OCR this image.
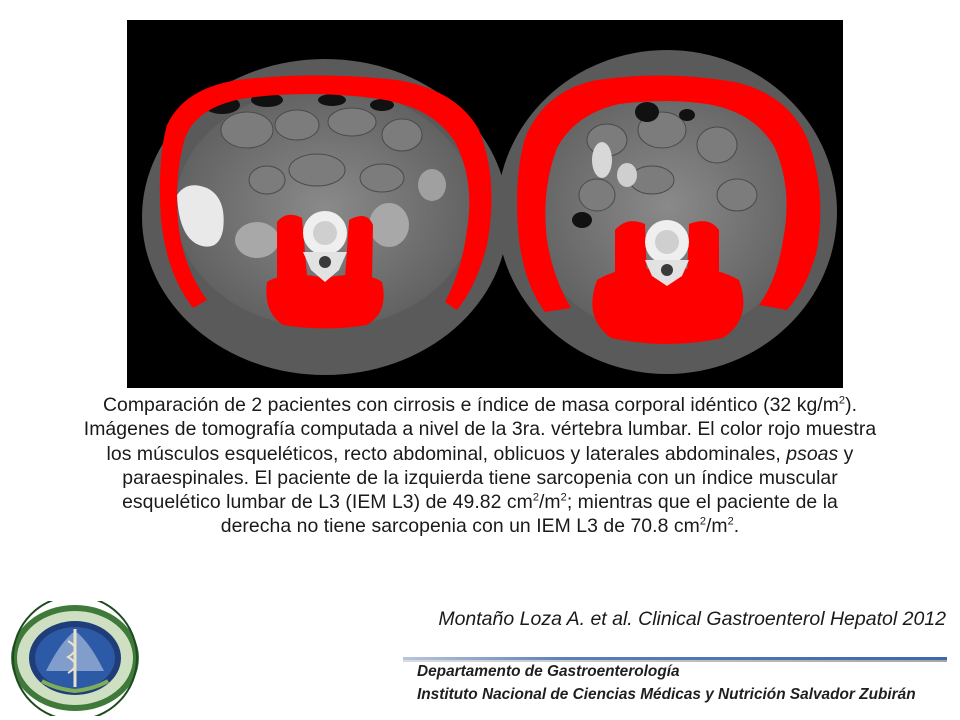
Comparación de 2 pacientes con cirrosis e índice de masa corporal idéntico (32 $kg/m^2$).
Imágenes de tomografía computada a nivel de la 3ra. vértebra lumbar. El color rojo muestra
los músculos esqueléticos, recto abdominal, oblicuos y laterales abdominales, psoas y
paraespinales. El paciente de la izquierda tiene sarcopenia con un índice muscular
esquelético lumbar de L3 (IEM L3) de 49.82 $cm^2/m^2$; mientras que el paciente de la
derecha no tiene sarcopenia con un IEM L3 de 70.8 $cm^2/m^2$.
Montaño Loza A. et al. Clinical Gastroenterol Hepatol 2012
Departamento de Gastroenterología
Instituto Nacional de Ciencias Médicas y Nutrición Salvador Zubirán
